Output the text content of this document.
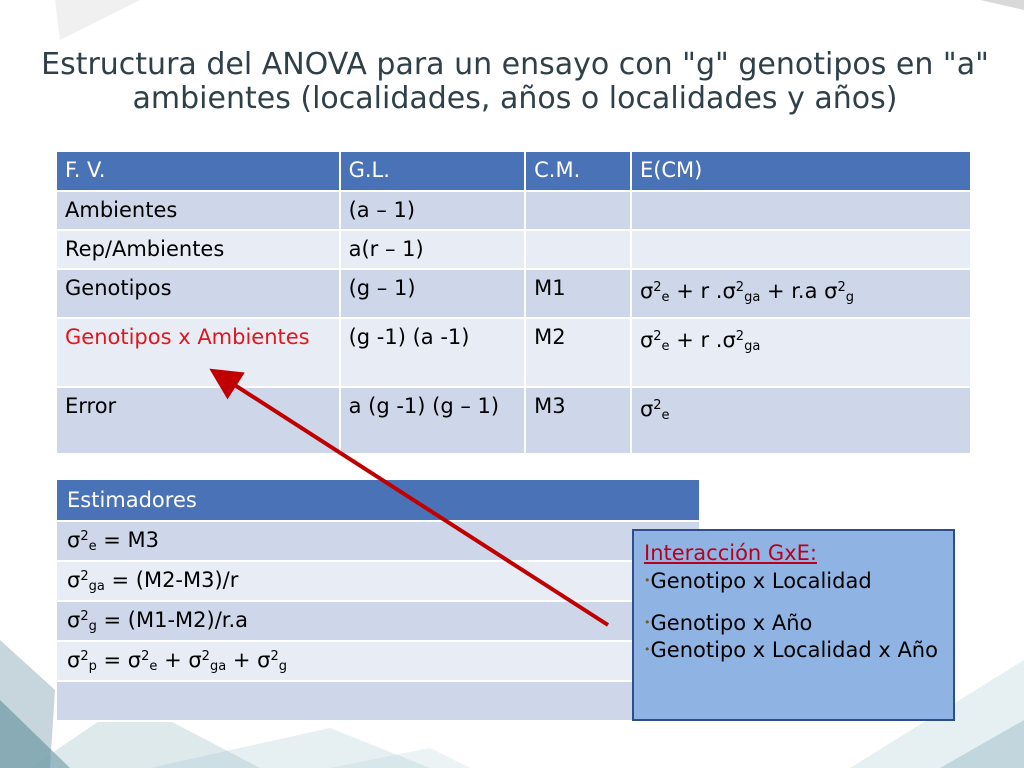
Estructura del ANOVA para un ensayo con "g" genotipos en "a" ambientes (localidades, años o localidades y años)
F. V.	G.L.	C.M.	E(CM)
Ambientes	(a – 1)		
Rep/Ambientes	a(r – 1)		
Genotipos	(g – 1)	M1	$\sigma^2_e + r$ $.\sigma^2_{ga} + r.a$ $\sigma^2_g$
Genotipos x Ambientes	(g -1) (a -1)	M2	$\sigma^2_e + r$ $.\sigma^2_{ga}$
Error	a (g -1) (g – 1)	M3	$\sigma^2_e$
Estimadores
$\sigma^2_e = M3$
$\sigma^2_{ga} = (M2-M3)/r$
$\sigma^2_g = (M1-M2)/r.a$
$\sigma^2_p = \sigma^2_e + \sigma^2_{ga} + \sigma^2_g$

Interacción GxE:
•Genotipo x Localidad
•Genotipo x Año
•Genotipo x Localidad x Año
